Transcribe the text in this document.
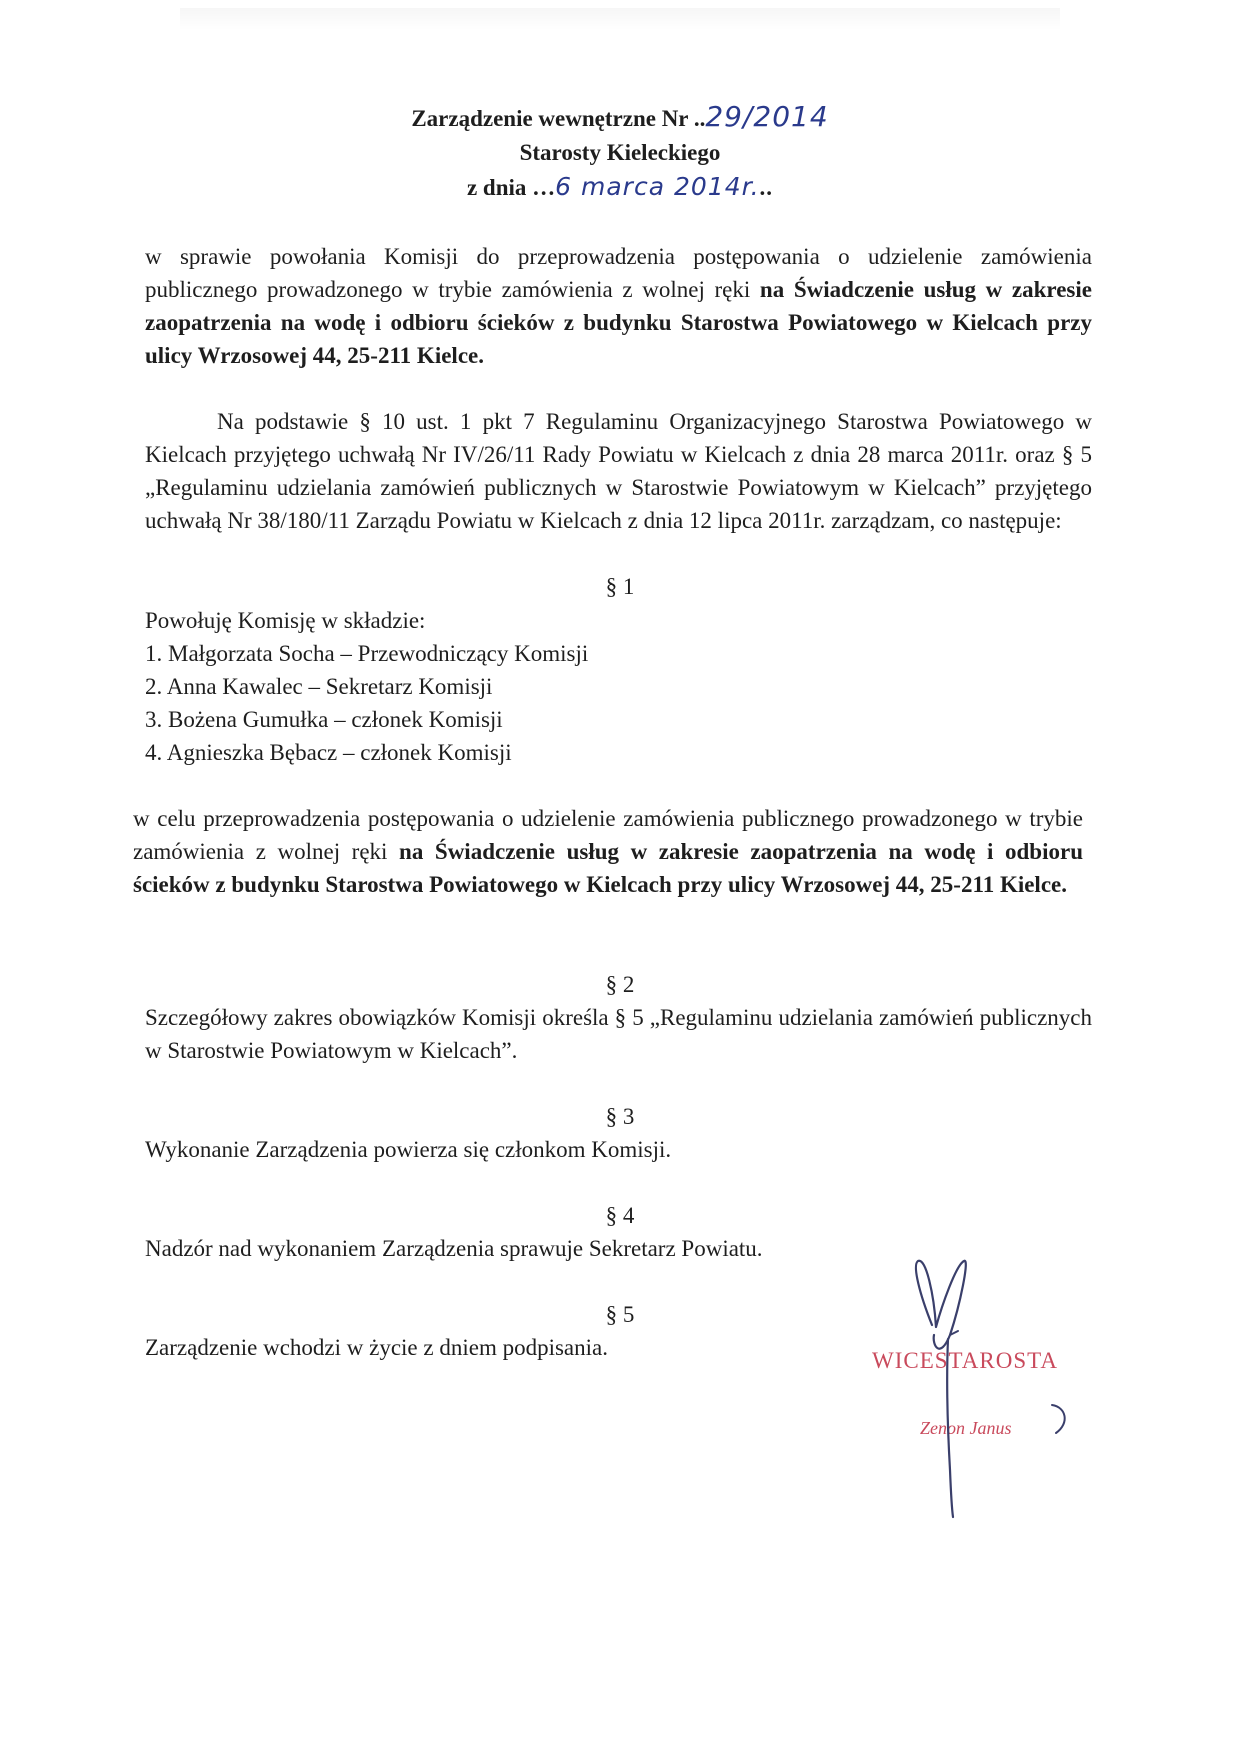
Zarządzenie wewnętrzne Nr ..29/2014
Starosty Kieleckiego
z dnia …6 marca 2014r...

w sprawie powołania Komisji do przeprowadzenia postępowania o udzielenie zamówienia publicznego prowadzonego w trybie zamówienia z wolnej ręki na Świadczenie usług w zakresie zaopatrzenia na wodę i odbioru ścieków z budynku Starostwa Powiatowego w Kielcach przy ulicy Wrzosowej 44, 25-211 Kielce.

Na podstawie § 10 ust. 1 pkt 7 Regulaminu Organizacyjnego Starostwa Powiatowego w Kielcach przyjętego uchwałą Nr IV/26/11 Rady Powiatu w Kielcach z dnia 28 marca 2011r. oraz § 5 „Regulaminu udzielania zamówień publicznych w Starostwie Powiatowym w Kielcach” przyjętego uchwałą Nr 38/180/11 Zarządu Powiatu w Kielcach z dnia 12 lipca 2011r. zarządzam, co następuje:

§ 1

Powołuję Komisję w składzie:

1. Małgorzata Socha – Przewodniczący Komisji
2. Anna Kawalec – Sekretarz Komisji
3. Bożena Gumułka – członek Komisji
4. Agnieszka Bębacz – członek Komisji

w celu przeprowadzenia postępowania o udzielenie zamówienia publicznego prowadzonego w trybie zamówienia z wolnej ręki na Świadczenie usług w zakresie zaopatrzenia na wodę i odbioru ścieków z budynku Starostwa Powiatowego w Kielcach przy ulicy Wrzosowej 44, 25-211 Kielce.

§ 2
Szczegółowy zakres obowiązków Komisji określa § 5 „Regulaminu udzielania zamówień publicznych w Starostwie Powiatowym w Kielcach”.
§ 3
Wykonanie Zarządzenia powierza się członkom Komisji.
§ 4
Nadzór nad wykonaniem Zarządzenia sprawuje Sekretarz Powiatu.
§ 5
Zarządzenie wchodzi w życie z dniem podpisania.
WICESTAROSTA
Zenon Janus
